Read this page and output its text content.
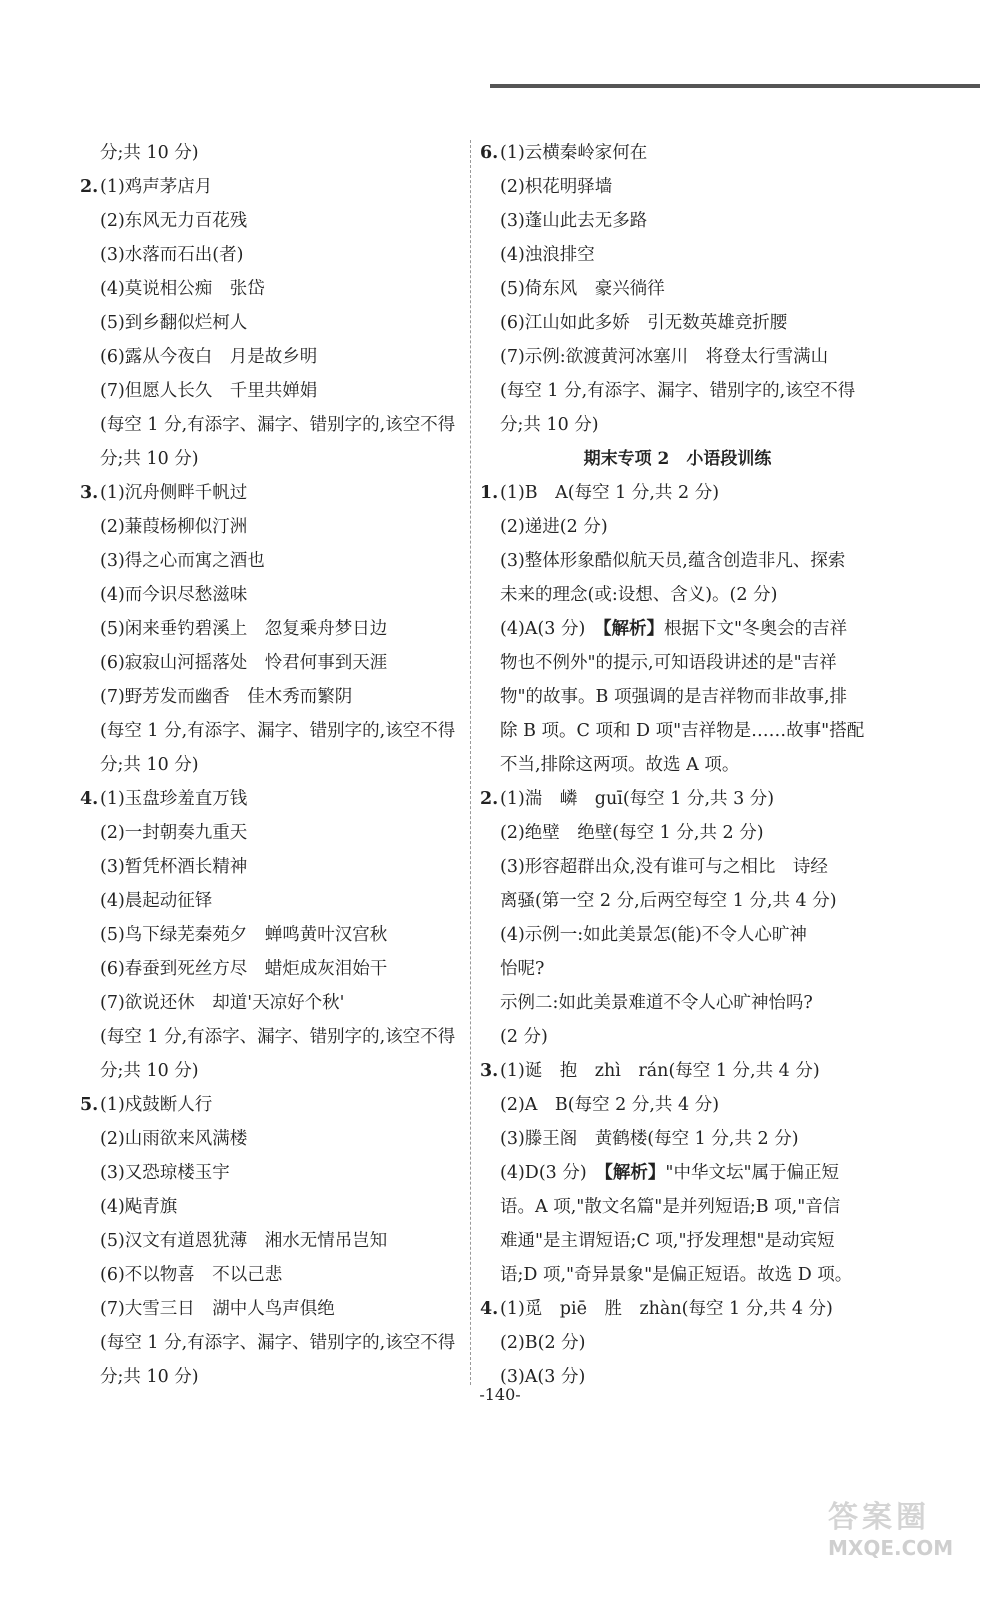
分;共 10 分)
2.(1)鸡声茅店月
(2)东风无力百花残
(3)水落而石出(者)
(4)莫说相公痴　张岱
(5)到乡翻似烂柯人
(6)露从今夜白　月是故乡明
(7)但愿人长久　千里共婵娟
(每空 1 分,有添字、漏字、错别字的,该空不得
分;共 10 分)
3.(1)沉舟侧畔千帆过
(2)蒹葭杨柳似汀洲
(3)得之心而寓之酒也
(4)而今识尽愁滋味
(5)闲来垂钓碧溪上　忽复乘舟梦日边
(6)寂寂山河摇落处　怜君何事到天涯
(7)野芳发而幽香　佳木秀而繁阴
(每空 1 分,有添字、漏字、错别字的,该空不得
分;共 10 分)
4.(1)玉盘珍羞直万钱
(2)一封朝奏九重天
(3)暂凭杯酒长精神
(4)晨起动征铎
(5)鸟下绿芜秦苑夕　蝉鸣黄叶汉宫秋
(6)春蚕到死丝方尽　蜡炬成灰泪始干
(7)欲说还休　却道'天凉好个秋'
(每空 1 分,有添字、漏字、错别字的,该空不得
分;共 10 分)
5.(1)戍鼓断人行
(2)山雨欲来风满楼
(3)又恐琼楼玉宇
(4)飐青旗
(5)汉文有道恩犹薄　湘水无情吊岂知
(6)不以物喜　不以己悲
(7)大雪三日　湖中人鸟声俱绝
(每空 1 分,有添字、漏字、错别字的,该空不得
分;共 10 分)
6.(1)云横秦岭家何在
(2)枳花明驿墙
(3)蓬山此去无多路
(4)浊浪排空
(5)倚东风　豪兴徜徉
(6)江山如此多娇　引无数英雄竞折腰
(7)示例:欲渡黄河冰塞川　将登太行雪满山
(每空 1 分,有添字、漏字、错别字的,该空不得
分;共 10 分)
期末专项 2　小语段训练
1.(1)B　A(每空 1 分,共 2 分)
(2)递进(2 分)
(3)整体形象酷似航天员,蕴含创造非凡、探索
未来的理念(或:设想、含义)。(2 分)
(4)A(3 分)　【解析】根据下文"冬奥会的吉祥
物也不例外"的提示,可知语段讲述的是"吉祥
物"的故事。B 项强调的是吉祥物而非故事,排
除 B 项。C 项和 D 项"吉祥物是……故事"搭配
不当,排除这两项。故选 A 项。
2.(1)湍　嶙　guī(每空 1 分,共 3 分)
(2)绝壁　绝壁(每空 1 分,共 2 分)
(3)形容超群出众,没有谁可与之相比　诗经
离骚(第一空 2 分,后两空每空 1 分,共 4 分)
(4)示例一:如此美景怎(能)不令人心旷神
怡呢?
示例二:如此美景难道不令人心旷神怡吗?
(2 分)
3.(1)诞　抱　zhì　rán(每空 1 分,共 4 分)
(2)A　B(每空 2 分,共 4 分)
(3)滕王阁　黄鹤楼(每空 1 分,共 2 分)
(4)D(3 分)　【解析】"中华文坛"属于偏正短
语。A 项,"散文名篇"是并列短语;B 项,"音信
难通"是主谓短语;C 项,"抒发理想"是动宾短
语;D 项,"奇异景象"是偏正短语。故选 D 项。
4.(1)觅　piē　胜　zhàn(每空 1 分,共 4 分)
(2)B(2 分)
(3)A(3 分)
-140-
答案圈
MXQE.COM
